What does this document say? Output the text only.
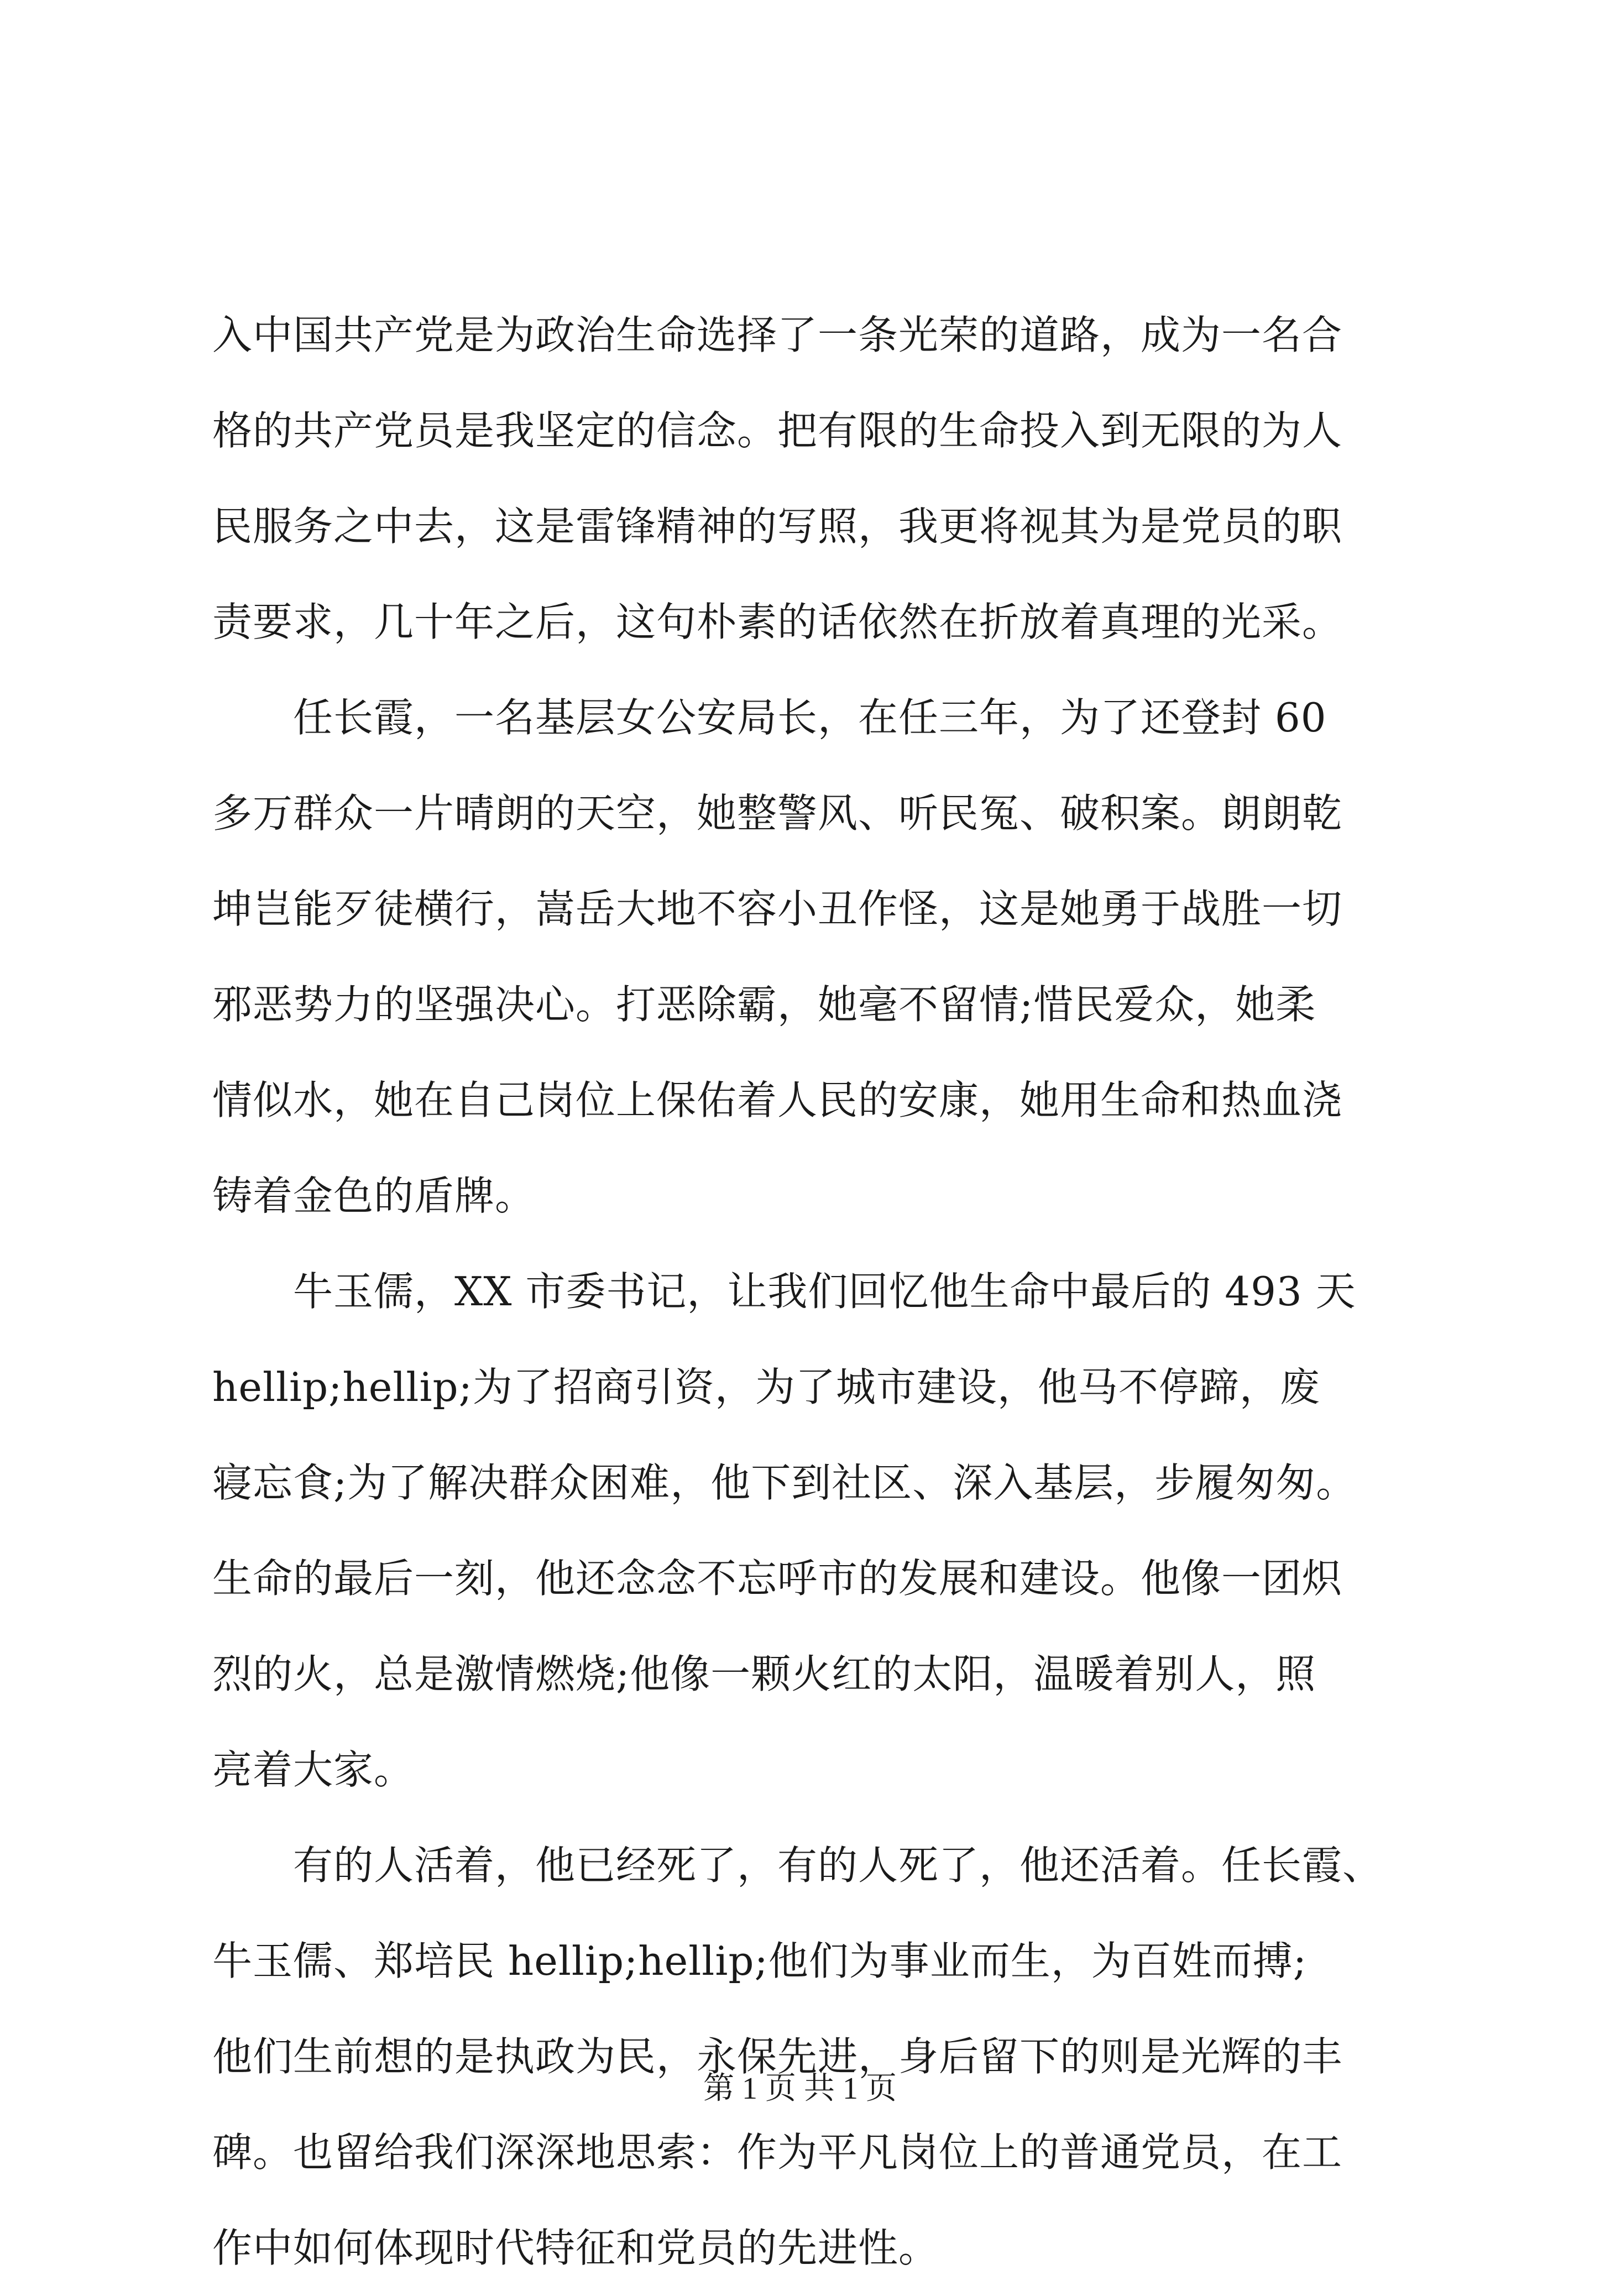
入中国共产党是为政治生命选择了一条光荣的道路，成为一名合
格的共产党员是我坚定的信念。把有限的生命投入到无限的为人
民服务之中去，这是雷锋精神的写照，我更将视其为是党员的职
责要求，几十年之后，这句朴素的话依然在折放着真理的光采。
　　任长霞，一名基层女公安局长，在任三年，为了还登封 60
多万群众一片晴朗的天空，她整警风、听民冤、破积案。朗朗乾
坤岂能歹徒横行，嵩岳大地不容小丑作怪，这是她勇于战胜一切
邪恶势力的坚强决心。打恶除霸，她毫不留情;惜民爱众，她柔
情似水，她在自己岗位上保佑着人民的安康，她用生命和热血浇
铸着金色的盾牌。
　　牛玉儒，XX 市委书记，让我们回忆他生命中最后的 493 天
hellip;hellip;为了招商引资，为了城市建设，他马不停蹄，废
寝忘食;为了解决群众困难，他下到社区、深入基层，步履匆匆。
生命的最后一刻，他还念念不忘呼市的发展和建设。他像一团炽
烈的火，总是激情燃烧;他像一颗火红的太阳，温暖着别人，照
亮着大家。
　　有的人活着，他已经死了，有的人死了，他还活着。任长霞、
牛玉儒、郑培民 hellip;hellip;他们为事业而生，为百姓而搏;
他们生前想的是执政为民，永保先进，身后留下的则是光辉的丰
碑。也留给我们深深地思索：作为平凡岗位上的普通党员，在工
作中如何体现时代特征和党员的先进性。
第 1 页 共 1 页
